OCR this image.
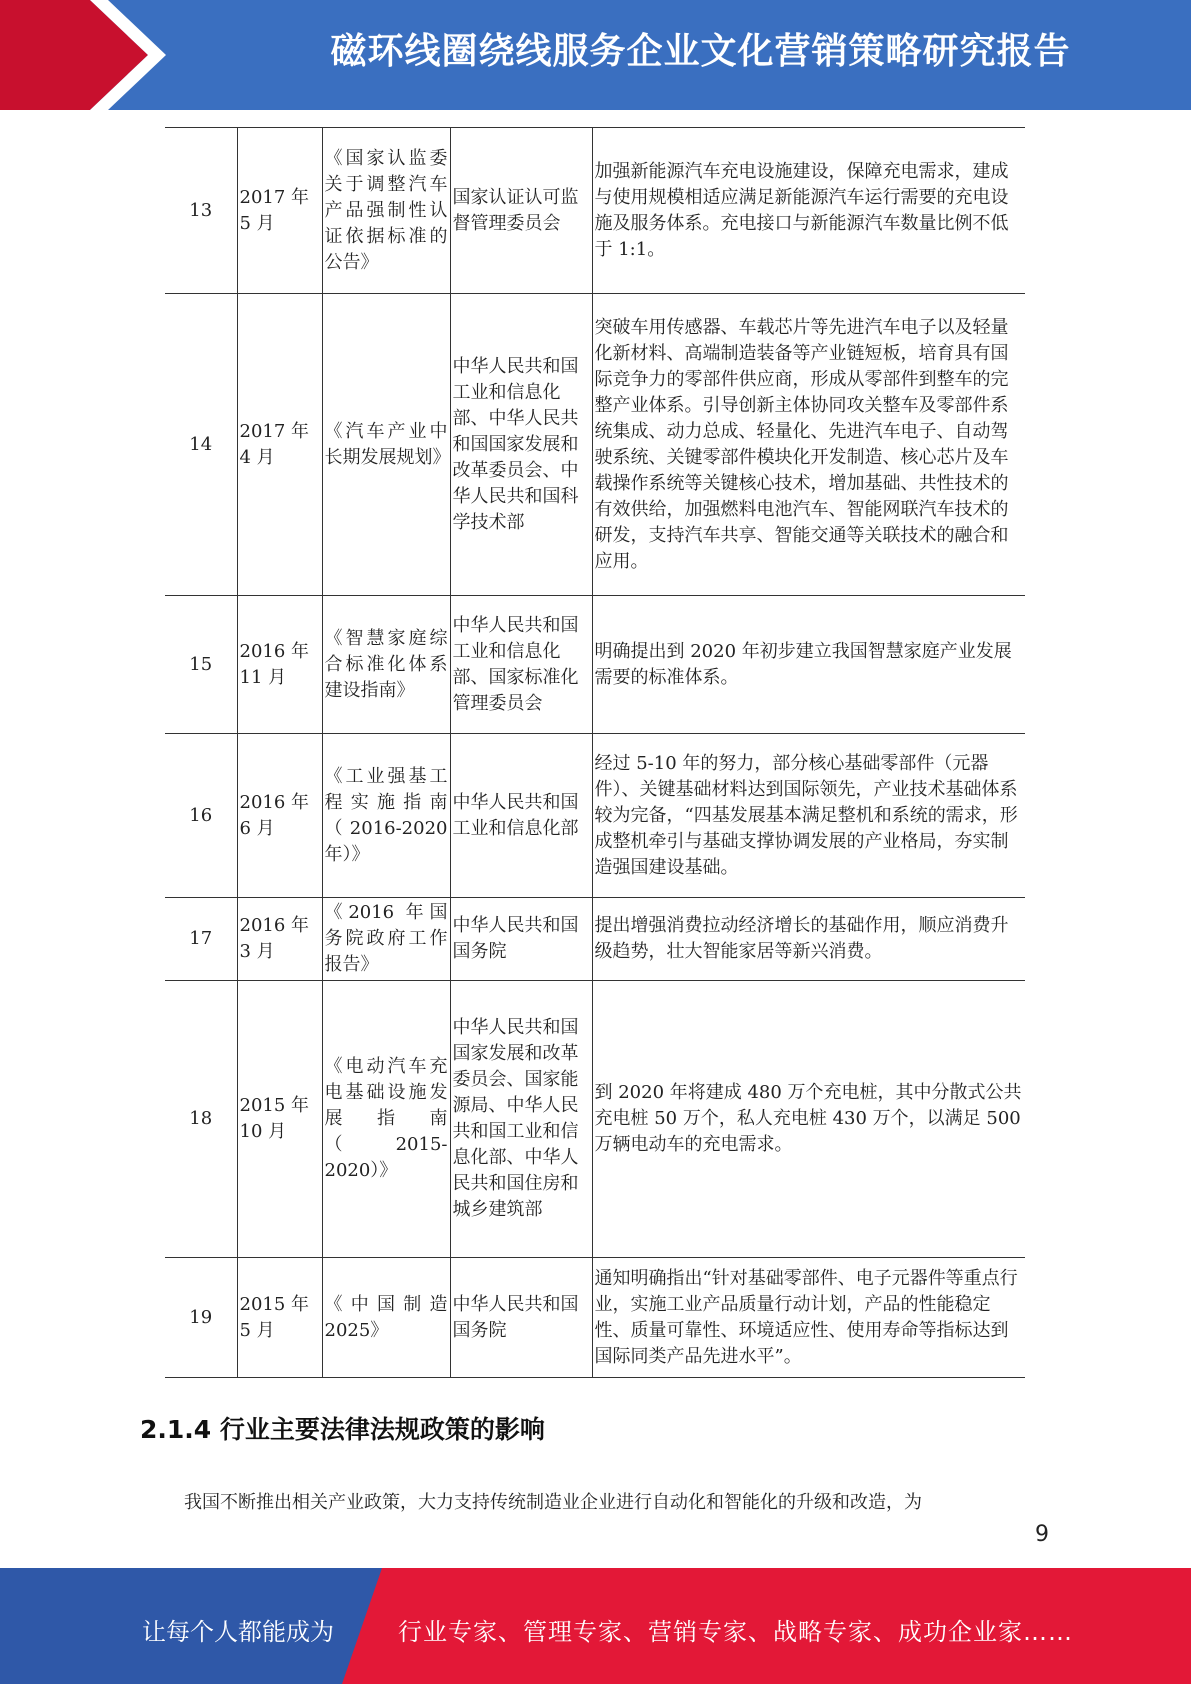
磁环线圈绕线服务企业文化营销策略研究报告
13	2017 年 5 月	《国家认监委关于调整汽车产品强制性认证依据标准的公告》	国家认证认可监督管理委员会	加强新能源汽车充电设施建设，保障充电需求，建成与使用规模相适应满足新能源汽车运行需要的充电设施及服务体系。充电接口与新能源汽车数量比例不低于 1:1。
14	2017 年 4 月	《汽车产业中长期发展规划》	中华人民共和国工业和信息化部、中华人民共和国国家发展和改革委员会、中华人民共和国科学技术部	突破车用传感器、车载芯片等先进汽车电子以及轻量化新材料、高端制造装备等产业链短板，培育具有国际竞争力的零部件供应商，形成从零部件到整车的完整产业体系。引导创新主体协同攻关整车及零部件系统集成、动力总成、轻量化、先进汽车电子、自动驾驶系统、关键零部件模块化开发制造、核心芯片及车载操作系统等关键核心技术，增加基础、共性技术的有效供给，加强燃料电池汽车、智能网联汽车技术的研发，支持汽车共享、智能交通等关联技术的融合和应用。
15	2016 年 11 月	《智慧家庭综合标准化体系建设指南》	中华人民共和国工业和信息化部、国家标准化管理委员会	明确提出到 2020 年初步建立我国智慧家庭产业发展需要的标准体系。
16	2016 年 6 月	《工业强基工程实施指南（2016-2020 年）》	中华人民共和国工业和信息化部	经过 5-10 年的努力，部分核心基础零部件（元器件）、关键基础材料达到国际领先，产业技术基础体系较为完备，“四基发展基本满足整机和系统的需求，形成整机牵引与基础支撑协调发展的产业格局，夯实制造强国建设基础。
17	2016 年 3 月	《2016 年国务院政府工作报告》	中华人民共和国国务院	提出增强消费拉动经济增长的基础作用，顺应消费升级趋势，壮大智能家居等新兴消费。
18	2015 年 10 月	《电动汽车充电基础设施发展指南（2015-2020）》	中华人民共和国国家发展和改革委员会、国家能源局、中华人民共和国工业和信息化部、中华人民共和国住房和城乡建筑部	到 2020 年将建成 480 万个充电桩，其中分散式公共充电桩 50 万个，私人充电桩 430 万个，以满足 500 万辆电动车的充电需求。
19	2015 年 5 月	《中国制造 2025》	中华人民共和国国务院	通知明确指出“针对基础零部件、电子元器件等重点行业，实施工业产品质量行动计划，产品的性能稳定性、质量可靠性、环境适应性、使用寿命等指标达到国际同类产品先进水平”。
2.1.4 行业主要法律法规政策的影响
我国不断推出相关产业政策，大力支持传统制造业企业进行自动化和智能化的升级和改造，为
9
让每个人都能成为	行业专家、管理专家、营销专家、战略专家、成功企业家……
